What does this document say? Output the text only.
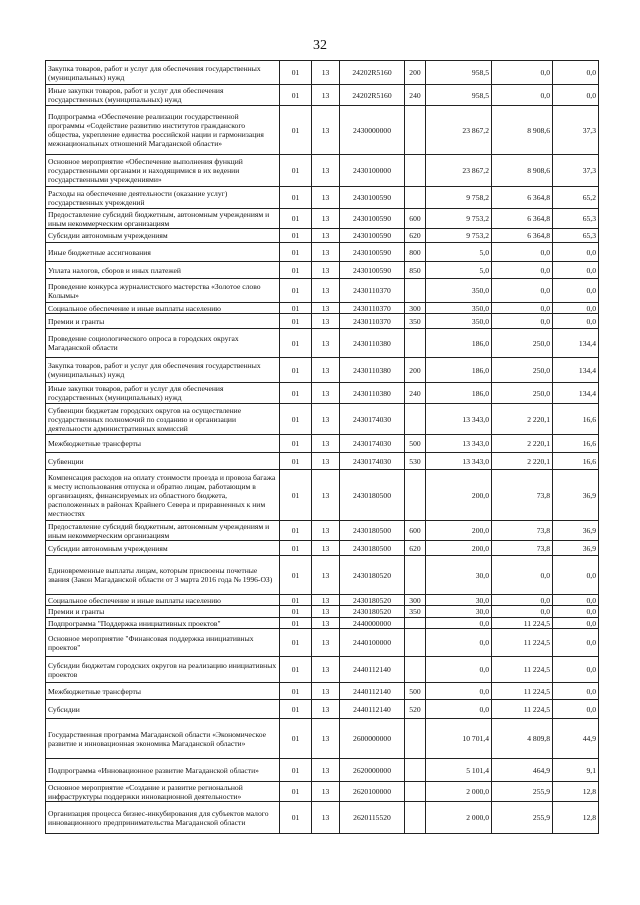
32
Закупка товаров, работ и услуг для обеспечения государственных (муниципальных) нужд	01	13	24202R5160	200	958,5	0,0	0,0
Иные закупки товаров, работ и услуг для обеспечения государственных (муниципальных) нужд	01	13	24202R5160	240	958,5	0,0	0,0
Подпрограмма «Обеспечение реализации государственной программы «Содействие развитию институтов гражданского общества, укрепление единства российской нации и гармонизация межнациональных отношений Магаданской области»	01	13	2430000000		23 867,2	8 908,6	37,3
Основное мероприятие «Обеспечение выполнения функций государственными органами и находящимися в их ведении государственными учреждениями»	01	13	2430100000		23 867,2	8 908,6	37,3
Расходы на обеспечение деятельности (оказание услуг) государственных учреждений	01	13	2430100590		9 758,2	6 364,8	65,2
Предоставление субсидий бюджетным, автономным учреждениям и иным некоммерческим организациям	01	13	2430100590	600	9 753,2	6 364,8	65,3
Субсидии автономным учреждениям	01	13	2430100590	620	9 753,2	6 364,8	65,3
Иные бюджетные ассигнования	01	13	2430100590	800	5,0	0,0	0,0
Уплата налогов, сборов и иных платежей	01	13	2430100590	850	5,0	0,0	0,0
Проведение конкурса журналистского мастерства «Золотое слово Колымы»	01	13	2430110370		350,0	0,0	0,0
Социальное обеспечение и иные выплаты населению	01	13	2430110370	300	350,0	0,0	0,0
Премии и гранты	01	13	2430110370	350	350,0	0,0	0,0
Проведение социологического опроса в городских округах Магаданской области	01	13	2430110380		186,0	250,0	134,4
Закупка товаров, работ и услуг для обеспечения государственных (муниципальных) нужд	01	13	2430110380	200	186,0	250,0	134,4
Иные закупки товаров, работ и услуг для обеспечения государственных (муниципальных) нужд	01	13	2430110380	240	186,0	250,0	134,4
Субвенции бюджетам городских округов на осуществление государственных полномочий по созданию и организации деятельности административных комиссий	01	13	2430174030		13 343,0	2 220,1	16,6
Межбюджетные трансферты	01	13	2430174030	500	13 343,0	2 220,1	16,6
Субвенции	01	13	2430174030	530	13 343,0	2 220,1	16,6
Компенсация расходов на оплату стоимости проезда и провоза багажа к месту использования отпуска и обратно лицам, работающим в организациях, финансируемых из областного бюджета, расположенных в районах Крайнего Севера и приравненных к ним местностях	01	13	2430180500		200,0	73,8	36,9
Предоставление субсидий бюджетным, автономным учреждениям и иным некоммерческим организациям	01	13	2430180500	600	200,0	73,8	36,9
Субсидии автономным учреждениям	01	13	2430180500	620	200,0	73,8	36,9
Единовременные выплаты лицам, которым присвоены почетные звания (Закон Магаданской области от 3 марта 2016 года № 1996-ОЗ)	01	13	2430180520		30,0	0,0	0,0
Социальное обеспечение и иные выплаты населению	01	13	2430180520	300	30,0	0,0	0,0
Премии и гранты	01	13	2430180520	350	30,0	0,0	0,0
Подпрограмма "Поддержка инициативных проектов"	01	13	2440000000		0,0	11 224,5	0,0
Основное мероприятие "Финансовая поддержка инициативных проектов"	01	13	2440100000		0,0	11 224,5	0,0
Субсидии бюджетам городских округов на реализацию инициативных проектов	01	13	2440112140		0,0	11 224,5	0,0
Межбюджетные трансферты	01	13	2440112140	500	0,0	11 224,5	0,0
Субсидии	01	13	2440112140	520	0,0	11 224,5	0,0
Государственная программа Магаданской области «Экономическое развитие и инновационная экономика Магаданской области»	01	13	2600000000		10 701,4	4 809,8	44,9
Подпрограмма «Инновационное развитие Магаданской области»	01	13	2620000000		5 101,4	464,9	9,1
Основное мероприятие «Создание и развитие региональной инфраструктуры поддержки инновационной деятельности»	01	13	2620100000		2 000,0	255,9	12,8
Организация процесса бизнес-инкубирования для субъектов малого инновационного предпринимательства Магаданской области	01	13	2620115520		2 000,0	255,9	12,8
